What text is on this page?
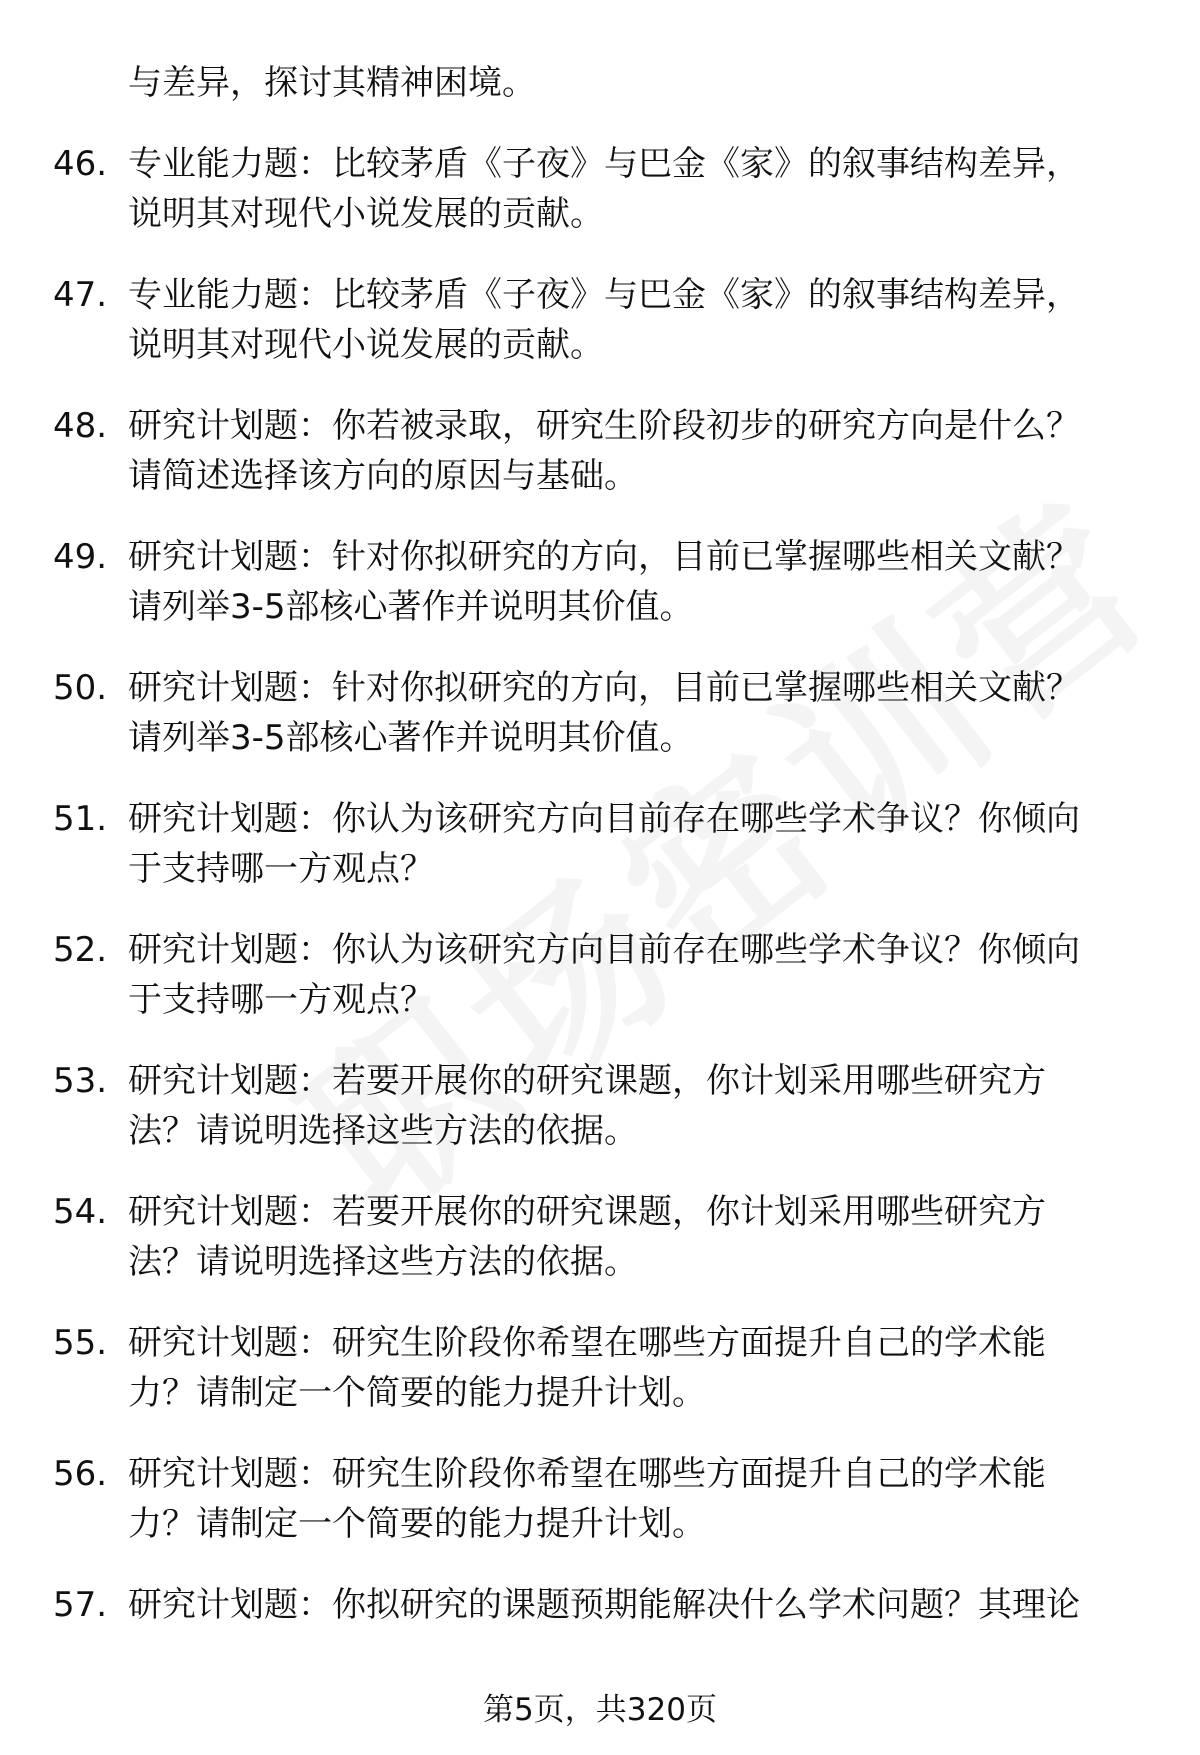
与差异，探讨其精神困境。
46. 专业能力题：比较茅盾《子夜》与巴金《家》的叙事结构差异，
说明其对现代小说发展的贡献。
47. 专业能力题：比较茅盾《子夜》与巴金《家》的叙事结构差异，
说明其对现代小说发展的贡献。
48. 研究计划题：你若被录取，研究生阶段初步的研究方向是什么？
请简述选择该方向的原因与基础。
49. 研究计划题：针对你拟研究的方向，目前已掌握哪些相关文献？
请列举3-5部核心著作并说明其价值。
50. 研究计划题：针对你拟研究的方向，目前已掌握哪些相关文献？
请列举3-5部核心著作并说明其价值。
51. 研究计划题：你认为该研究方向目前存在哪些学术争议？你倾向
于支持哪一方观点？
52. 研究计划题：你认为该研究方向目前存在哪些学术争议？你倾向
于支持哪一方观点？
53. 研究计划题：若要开展你的研究课题，你计划采用哪些研究方
法？请说明选择这些方法的依据。
54. 研究计划题：若要开展你的研究课题，你计划采用哪些研究方
法？请说明选择这些方法的依据。
55. 研究计划题：研究生阶段你希望在哪些方面提升自己的学术能
力？请制定一个简要的能力提升计划。
56. 研究计划题：研究生阶段你希望在哪些方面提升自己的学术能
力？请制定一个简要的能力提升计划。
57. 研究计划题：你拟研究的课题预期能解决什么学术问题？其理论
第5页，共320页
